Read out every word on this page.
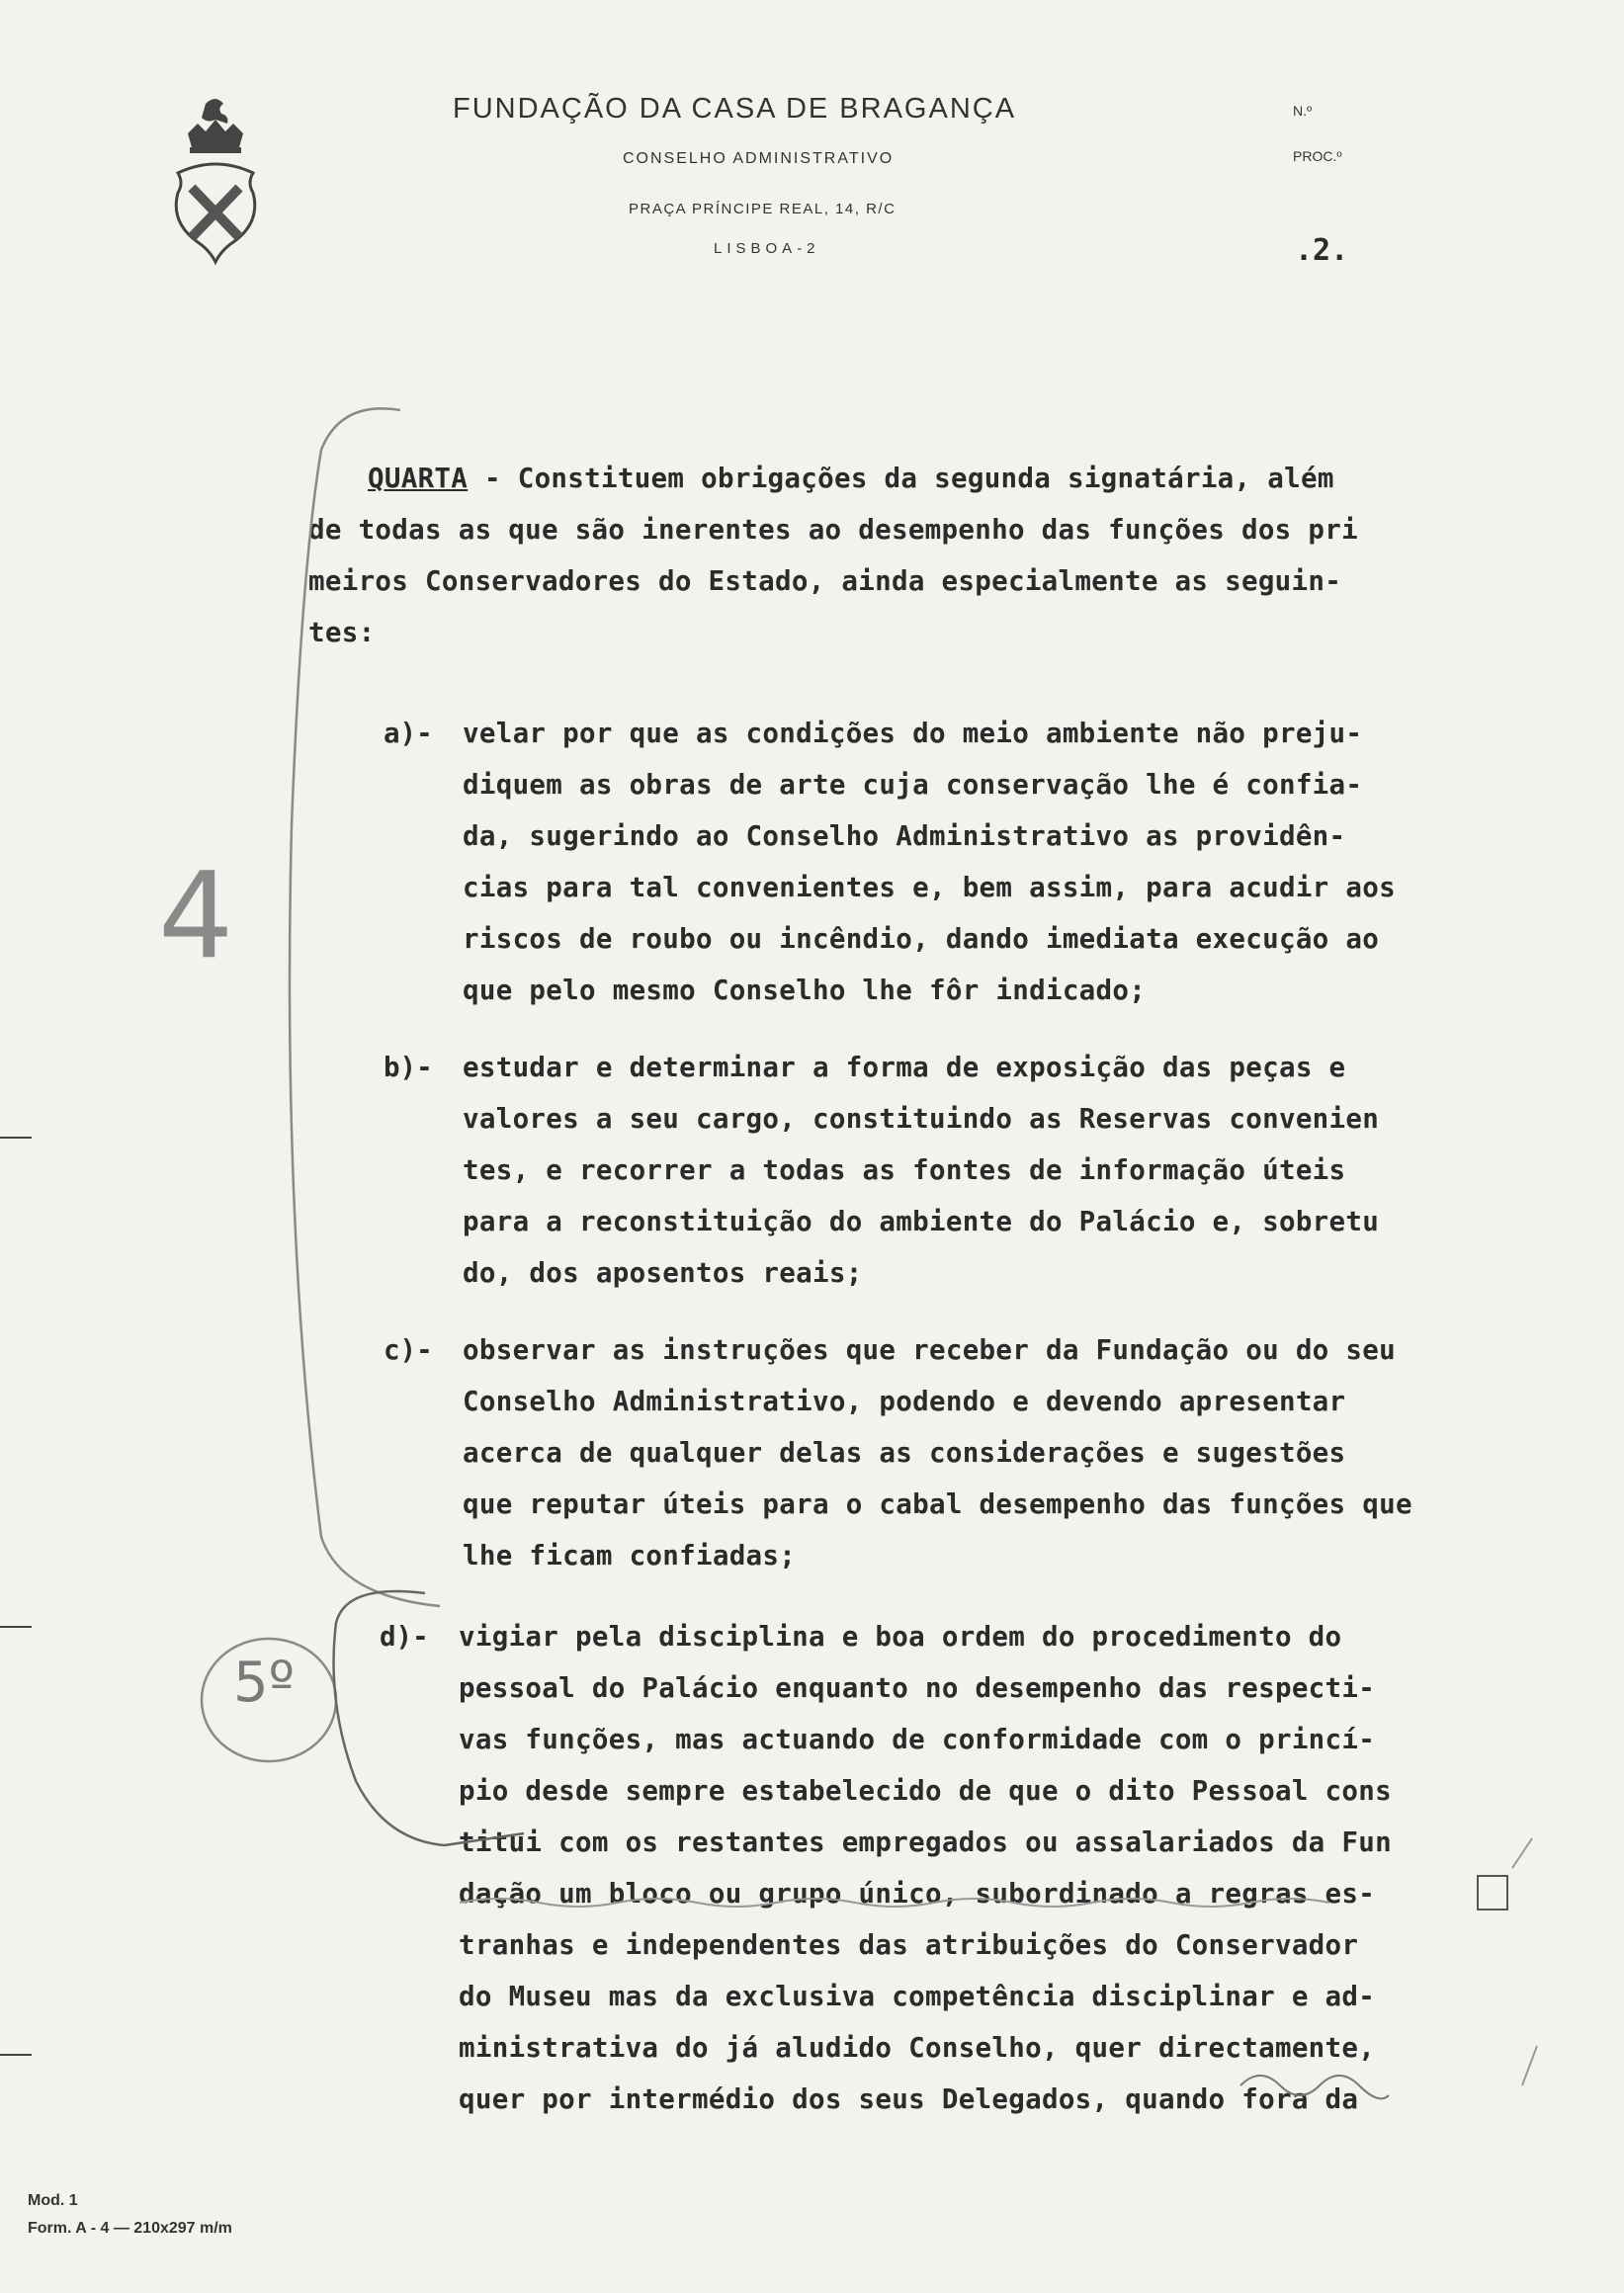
FUNDAÇÃO DA CASA DE BRAGANÇA
CONSELHO ADMINISTRATIVO
PRAÇA PRÍNCIPE REAL, 14, R/C
LISBOA-2
N.º
PROC.º
.2.
QUARTA - Constituem obrigações da segunda signatária, além
de todas as que são inerentes ao desempenho das funções dos pri
meiros Conservadores do Estado, ainda especialmente as seguin-
tes:
a)- velar por que as condições do meio ambiente não preju-
diquem as obras de arte cuja conservação lhe é confia-
da, sugerindo ao Conselho Administrativo as providên-
cias para tal convenientes e, bem assim, para acudir aos
riscos de roubo ou incêndio, dando imediata execução ao
que pelo mesmo Conselho lhe fôr indicado;
b)- estudar e determinar a forma de exposição das peças e
valores a seu cargo, constituindo as Reservas convenien
tes, e recorrer a todas as fontes de informação úteis
para a reconstituição do ambiente do Palácio e, sobretu
do, dos aposentos reais;
c)- observar as instruções que receber da Fundação ou do seu
Conselho Administrativo, podendo e devendo apresentar
acerca de qualquer delas as considerações e sugestões
que reputar úteis para o cabal desempenho das funções que
lhe ficam confiadas;
d)- vigiar pela disciplina e boa ordem do procedimento do
pessoal do Palácio enquanto no desempenho das respecti-
vas funções, mas actuando de conformidade com o princí-
pio desde sempre estabelecido de que o dito Pessoal cons
titui com os restantes empregados ou assalariados da Fun
dação um bloco ou grupo único, subordinado a regras es-
tranhas e independentes das atribuições do Conservador
do Museu mas da exclusiva competência disciplinar e ad-
ministrativa do já aludido Conselho, quer directamente,
quer por intermédio dos seus Delegados, quando fora da
4
5º
Mod. 1
Form. A - 4 — 210x297 m/m
